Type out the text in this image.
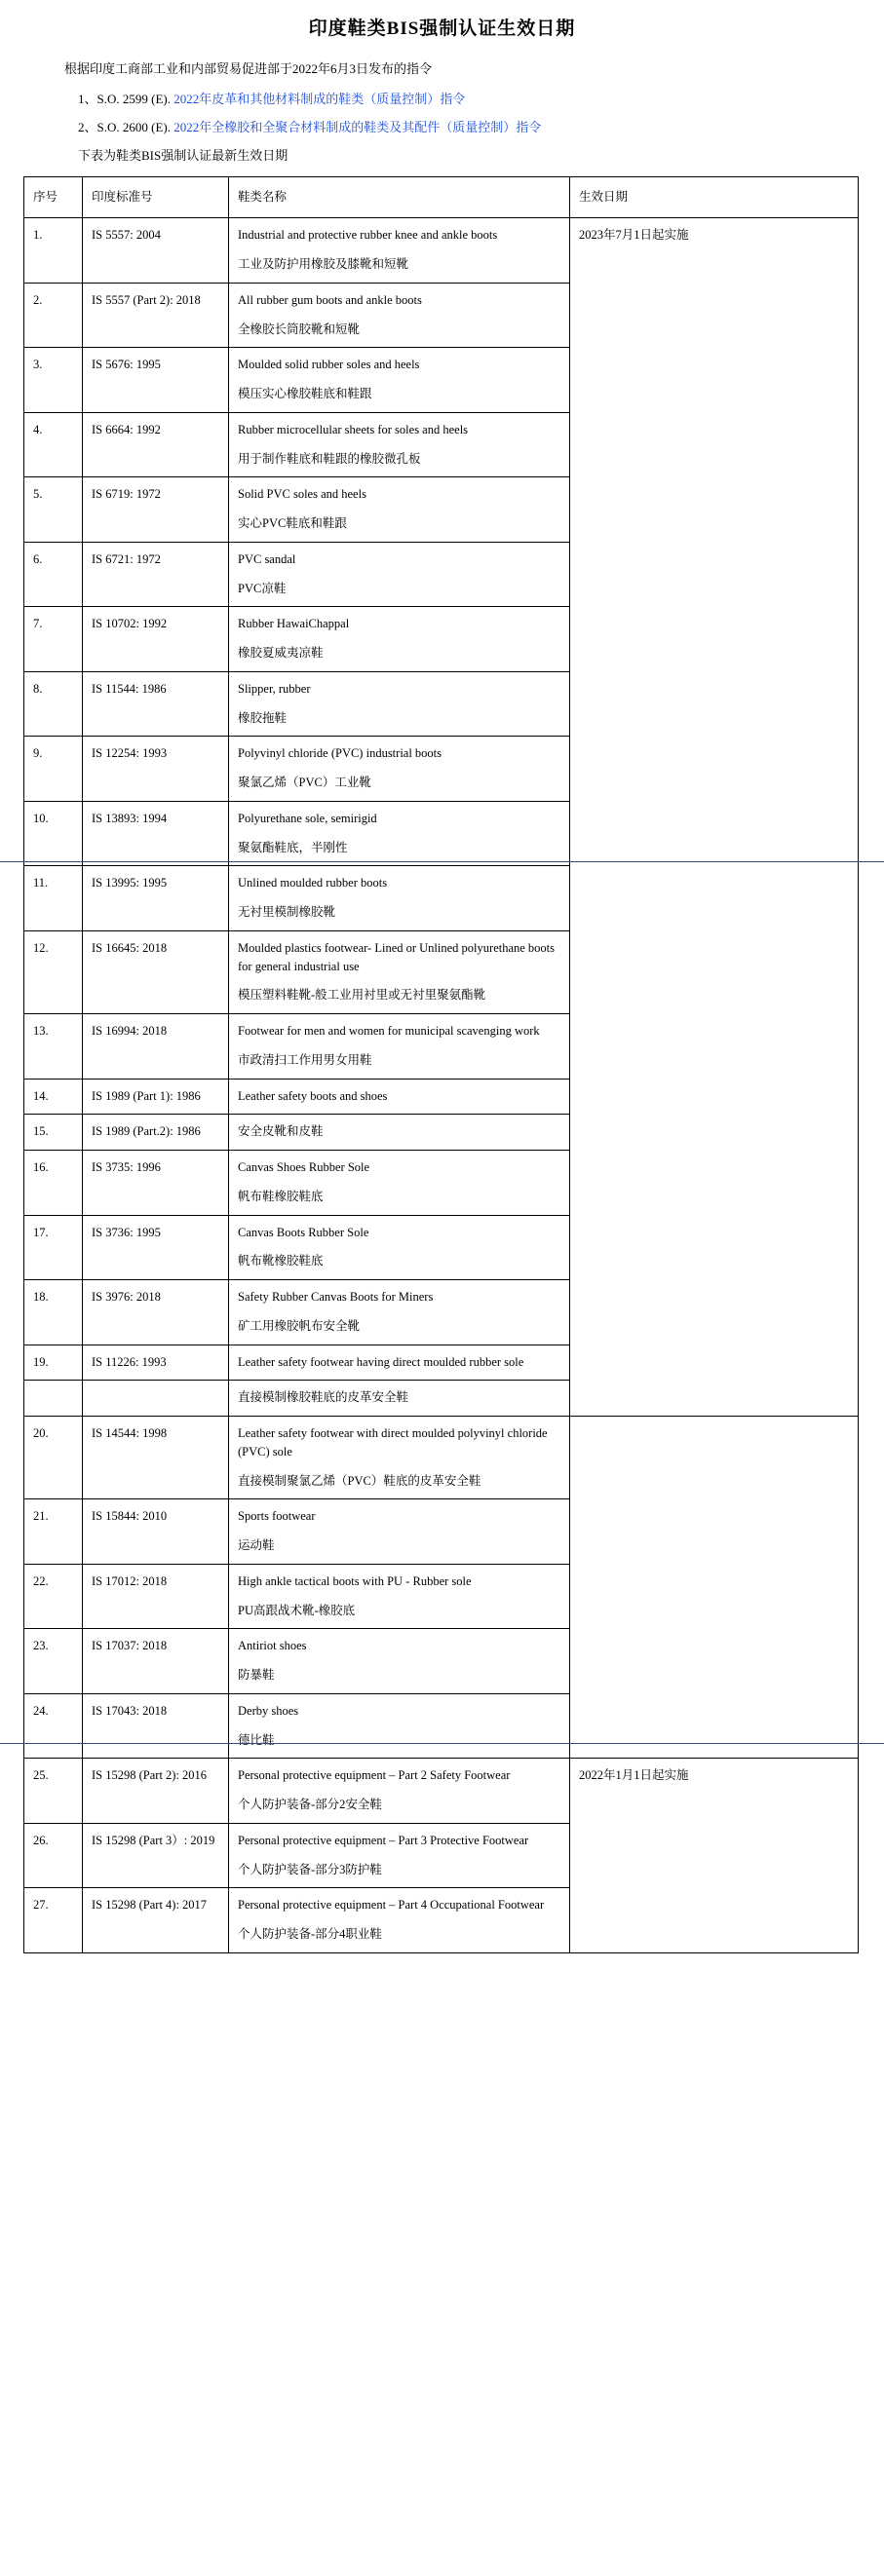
印度鞋类BIS强制认证生效日期

根据印度工商部工业和内部贸易促进部于2022年6月3日发布的指令

1、S.O. 2599 (E). 2022年皮革和其他材料制成的鞋类（质量控制）指令

2、S.O. 2600 (E). 2022年全橡胶和全聚合材料制成的鞋类及其配件（质量控制）指令

下表为鞋类BIS强制认证最新生效日期

序号	印度标准号	鞋类名称	生效日期
1.	IS 5557: 2004	Industrial and protective rubber knee and ankle boots
工业及防护用橡胶及膝靴和短靴	2023年7月1日起实施
2.	IS 5557 (Part 2): 2018	All rubber gum boots and ankle boots
全橡胶长筒胶靴和短靴	

3.	IS 5676: 1995	Moulded solid rubber soles and heels
模压实心橡胶鞋底和鞋跟	

4.	IS 6664: 1992	Rubber microcellular sheets for soles and heels
用于制作鞋底和鞋跟的橡胶微孔板	

5.	IS 6719: 1972	Solid PVC soles and heels
实心PVC鞋底和鞋跟	

6.	IS 6721: 1972	PVC sandal
PVC凉鞋	

7.	IS 10702: 1992	Rubber HawaiChappal
橡胶夏威夷凉鞋	

8.	IS 11544: 1986	Slipper, rubber
橡胶拖鞋	

9.	IS 12254: 1993	Polyvinyl chloride (PVC) industrial boots
聚氯乙烯（PVC）工业靴	

10.	IS 13893: 1994	Polyurethane sole, semirigid
聚氨酯鞋底，半刚性	

11.	IS 13995: 1995	Unlined moulded rubber boots
无衬里模制橡胶靴	

12.	IS 16645: 2018	Moulded plastics footwear- Lined or Unlined polyurethane boots for general industrial use
模压塑料鞋靴-般工业用衬里或无衬里聚氨酯靴	

13.	IS 16994: 2018	Footwear for men and women for municipal scavenging work
市政清扫工作用男女用鞋	

14.	IS 1989 (Part 1): 1986	Leather safety boots and shoes	

15.	IS 1989 (Part.2): 1986	安全皮靴和皮鞋	

16.	IS 3735: 1996	Canvas Shoes Rubber Sole
帆布鞋橡胶鞋底	

17.	IS 3736: 1995	Canvas Boots Rubber Sole
帆布靴橡胶鞋底	

18.	IS 3976: 2018	Safety Rubber Canvas Boots for Miners
矿工用橡胶帆布安全靴	

19.	IS 11226: 1993	Leather safety footwear having direct moulded rubber sole	

		直接模制橡胶鞋底的皮革安全鞋	

20.	IS 14544: 1998	Leather safety footwear with direct moulded polyvinyl chloride (PVC) sole
直接模制聚氯乙烯（PVC）鞋底的皮革安全鞋	

21.	IS 15844: 2010	Sports footwear
运动鞋	

22.	IS 17012: 2018	High ankle tactical boots with PU - Rubber sole
PU高跟战术靴-橡胶底	

23.	IS 17037: 2018	Antiriot shoes
防暴鞋	

24.	IS 17043: 2018	Derby shoes
德比鞋	

25.	IS 15298 (Part 2): 2016	Personal protective equipment – Part 2 Safety Footwear
个人防护装备-部分2安全鞋	2022年1月1日起实施
26.	IS 15298 (Part 3）: 2019	Personal protective equipment – Part 3 Protective Footwear
个人防护装备-部分3防护鞋	

27.	IS 15298 (Part 4): 2017	Personal protective equipment – Part 4 Occupational Footwear
个人防护装备-部分4职业鞋	
